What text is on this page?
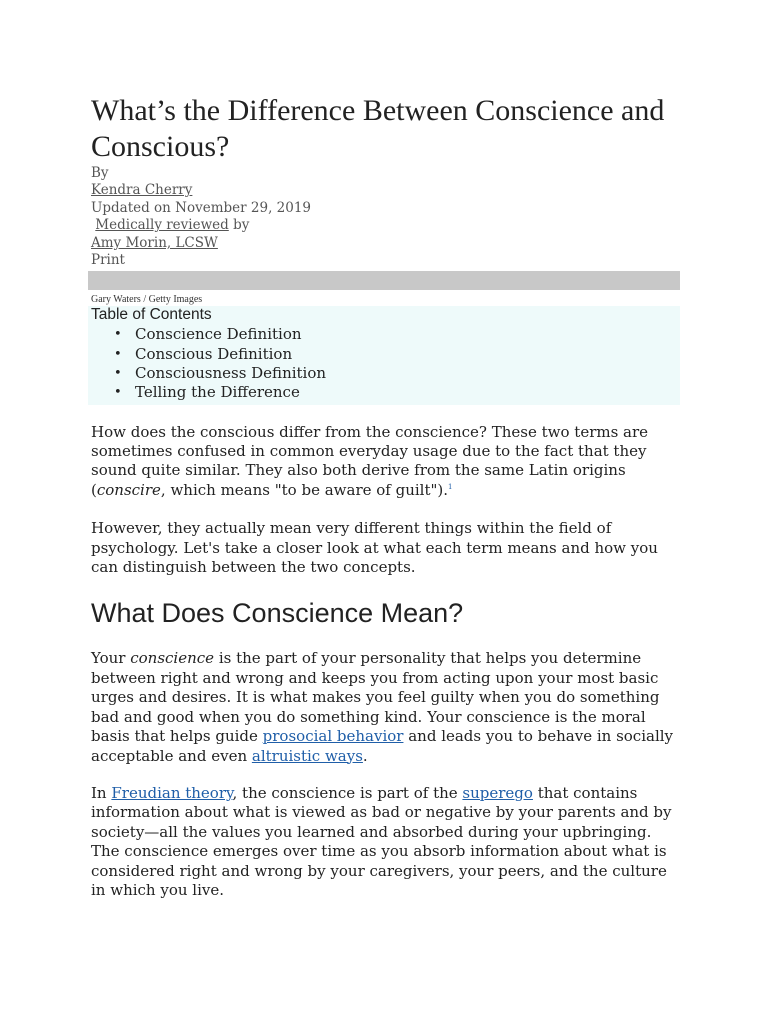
What’s the Difference Between Conscience and Conscious?
By
Kendra Cherry
Updated on November 29, 2019
Medically reviewed by
Amy Morin, LCSW
Print
Gary Waters / Getty Images
Table of Contents
• Conscience Definition
• Conscious Definition
• Consciousness Definition
• Telling the Difference

How does the conscious differ from the conscience? These two terms are sometimes confused in common everyday usage due to the fact that they sound quite similar. They also both derive from the same Latin origins (conscire, which means "to be aware of guilt").$^1$

However, they actually mean very different things within the field of psychology. Let's take a closer look at what each term means and how you can distinguish between the two concepts.

What Does Conscience Mean?

Your conscience is the part of your personality that helps you determine between right and wrong and keeps you from acting upon your most basic urges and desires. It is what makes you feel guilty when you do something bad and good when you do something kind. Your conscience is the moral basis that helps guide prosocial behavior and leads you to behave in socially acceptable and even altruistic ways.

In Freudian theory, the conscience is part of the superego that contains information about what is viewed as bad or negative by your parents and by society—all the values you learned and absorbed during your upbringing. The conscience emerges over time as you absorb information about what is considered right and wrong by your caregivers, your peers, and the culture in which you live.
